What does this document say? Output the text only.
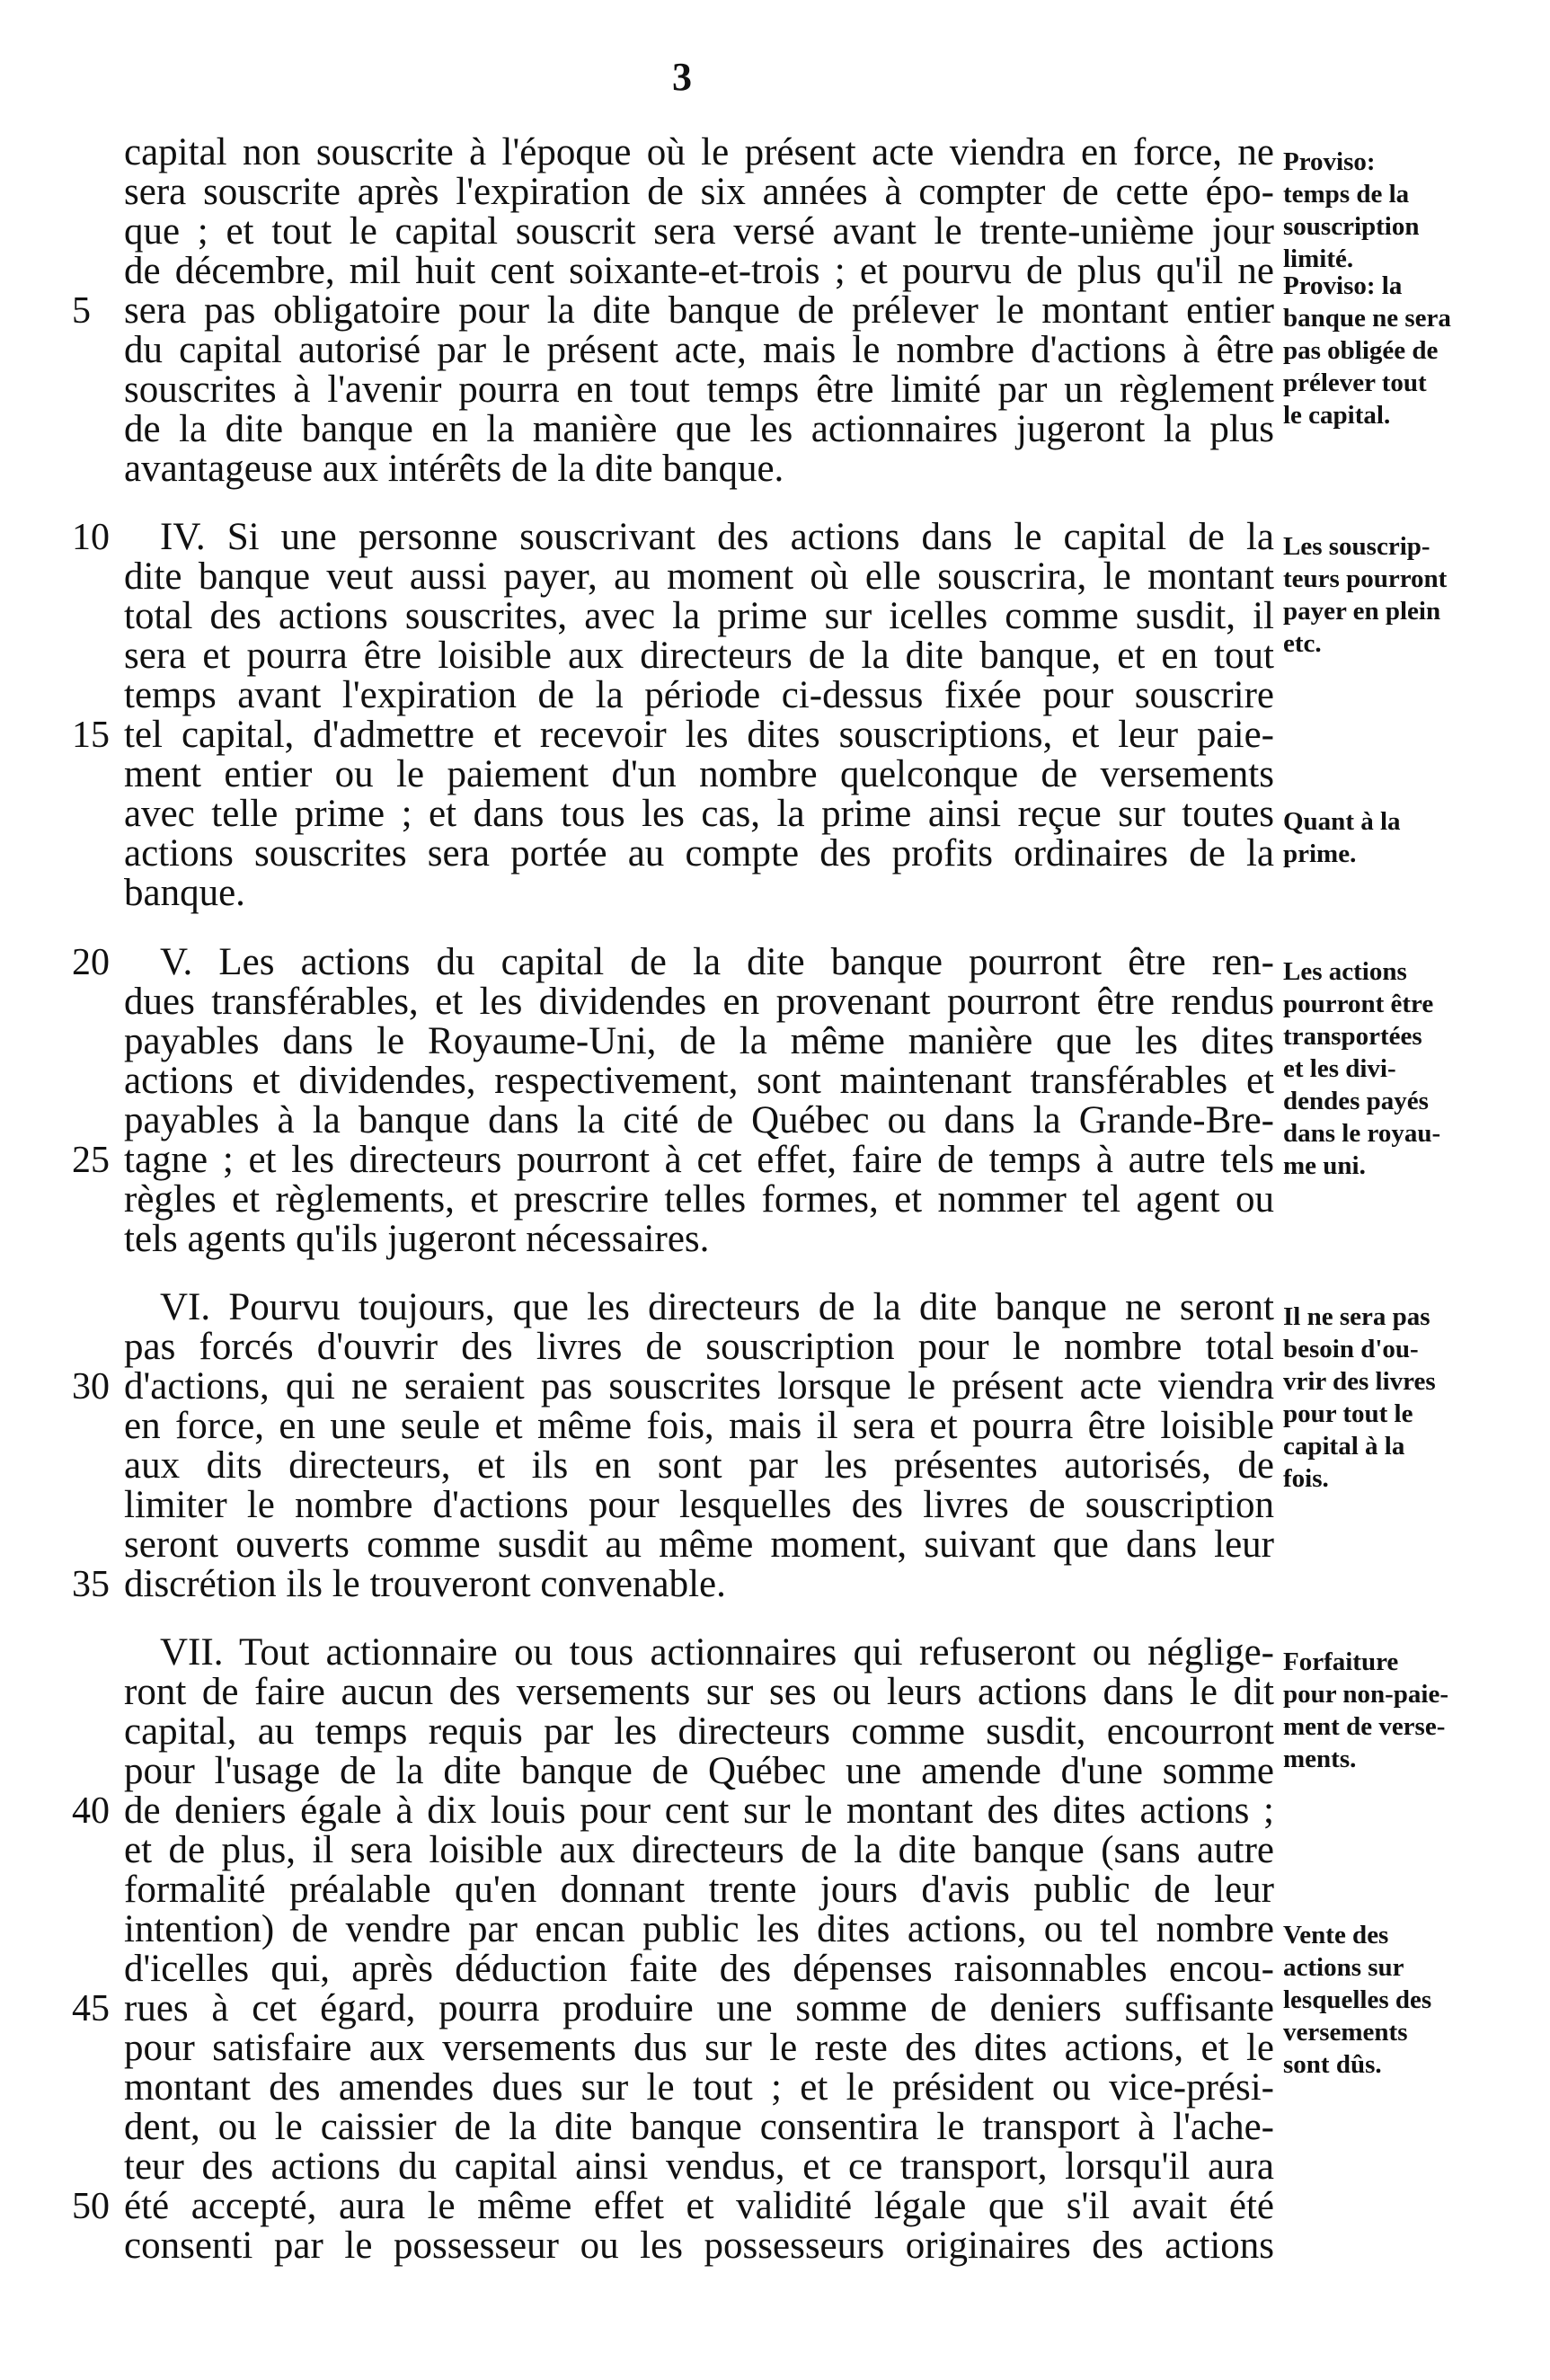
3
capital non souscrite à l'époque où le présent acte viendra en force, ne
sera souscrite après l'expiration de six années à compter de cette épo-
que ; et tout le capital souscrit sera versé avant le trente-unième jour
de décembre, mil huit cent soixante-et-trois ; et pourvu de plus qu'il ne
sera pas obligatoire pour la dite banque de prélever le montant entier
5
du capital autorisé par le présent acte, mais le nombre d'actions à être
souscrites à l'avenir pourra en tout temps être limité par un règlement
de la dite banque en la manière que les actionnaires jugeront la plus
avantageuse aux intérêts de la dite banque.
IV. Si une personne souscrivant des actions dans le capital de la
10
dite banque veut aussi payer, au moment où elle souscrira, le montant
total des actions souscrites, avec la prime sur icelles comme susdit, il
sera et pourra être loisible aux directeurs de la dite banque, et en tout
temps avant l'expiration de la période ci-dessus fixée pour souscrire
tel capital, d'admettre et recevoir les dites souscriptions, et leur paie-
15
ment entier ou le paiement d'un nombre quelconque de versements
avec telle prime ; et dans tous les cas, la prime ainsi reçue sur toutes
actions souscrites sera portée au compte des profits ordinaires de la
banque.
V. Les actions du capital de la dite banque pourront être ren-
20
dues transférables, et les dividendes en provenant pourront être rendus
payables dans le Royaume-Uni, de la même manière que les dites
actions et dividendes, respectivement, sont maintenant transférables et
payables à la banque dans la cité de Québec ou dans la Grande-Bre-
tagne ; et les directeurs pourront à cet effet, faire de temps à autre tels
25
règles et règlements, et prescrire telles formes, et nommer tel agent ou
tels agents qu'ils jugeront nécessaires.
VI. Pourvu toujours, que les directeurs de la dite banque ne seront
pas forcés d'ouvrir des livres de souscription pour le nombre total
d'actions, qui ne seraient pas souscrites lorsque le présent acte viendra
30
en force, en une seule et même fois, mais il sera et pourra être loisible
aux dits directeurs, et ils en sont par les présentes autorisés, de
limiter le nombre d'actions pour lesquelles des livres de souscription
seront ouverts comme susdit au même moment, suivant que dans leur
discrétion ils le trouveront convenable.
35
VII. Tout actionnaire ou tous actionnaires qui refuseront ou néglige-
ront de faire aucun des versements sur ses ou leurs actions dans le dit
capital, au temps requis par les directeurs comme susdit, encourront
pour l'usage de la dite banque de Québec une amende d'une somme
de deniers égale à dix louis pour cent sur le montant des dites actions ;
40
et de plus, il sera loisible aux directeurs de la dite banque (sans autre
formalité préalable qu'en donnant trente jours d'avis public de leur
intention) de vendre par encan public les dites actions, ou tel nombre
d'icelles qui, après déduction faite des dépenses raisonnables encou-
rues à cet égard, pourra produire une somme de deniers suffisante
45
pour satisfaire aux versements dus sur le reste des dites actions, et le
montant des amendes dues sur le tout ; et le président ou vice-prési-
dent, ou le caissier de la dite banque consentira le transport à l'ache-
teur des actions du capital ainsi vendus, et ce transport, lorsqu'il aura
été accepté, aura le même effet et validité légale que s'il avait été
50
consenti par le possesseur ou les possesseurs originaires des actions
Proviso:
temps de la
souscription
limité.
Proviso: la
banque ne sera
pas obligée de
prélever tout
le capital.
Les souscrip-
teurs pourront
payer en plein
etc.
Quant à la
prime.
Les actions
pourront être
transportées
et les divi-
dendes payés
dans le royau-
me uni.
Il ne sera pas
besoin d'ou-
vrir des livres
pour tout le
capital à la
fois.
Forfaiture
pour non-paie-
ment de verse-
ments.
Vente des
actions sur
lesquelles des
versements
sont dûs.
